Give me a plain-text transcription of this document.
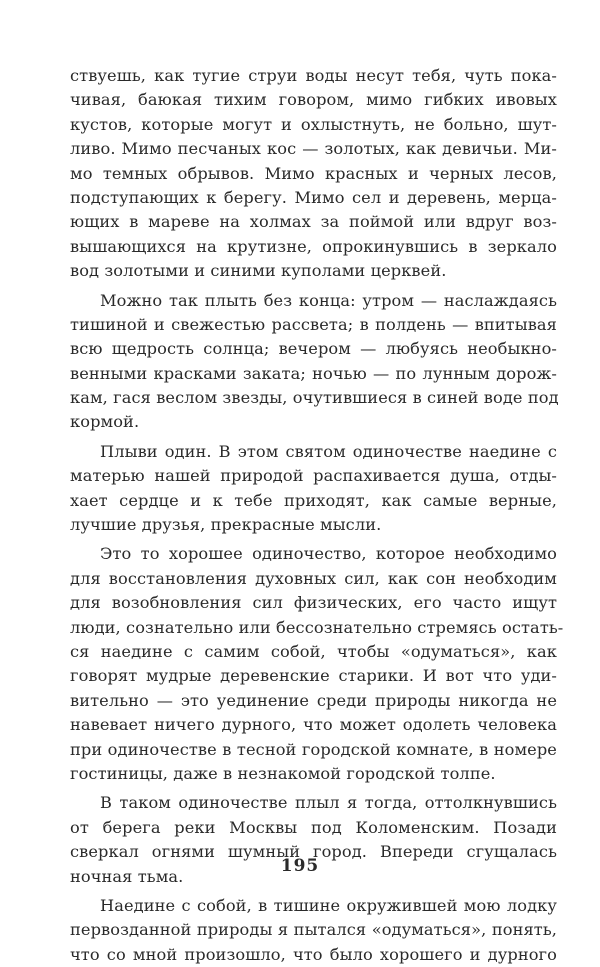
ствуешь, как тугие струи воды несут тебя, чуть пока-
чивая, баюкая тихим говором, мимо гибких ивовых
кустов, которые могут и охлыстнуть, не больно, шут-
ливо. Мимо песчаных кос — золотых, как девичьи. Ми-
мо темных обрывов. Мимо красных и черных лесов,
подступающих к берегу. Мимо сел и деревень, мерца-
ющих в мареве на холмах за поймой или вдруг воз-
вышающихся на крутизне, опрокинувшись в зеркало
вод золотыми и синими куполами церквей.
Можно так плыть без конца: утром — наслаждаясь
тишиной и свежестью рассвета; в полдень — впитывая
всю щедрость солнца; вечером — любуясь необыкно-
венными красками заката; ночью — по лунным дорож-
кам, гася веслом звезды, очутившиеся в синей воде под
кормой.
Плыви один. В этом святом одиночестве наедине с
матерью нашей природой распахивается душа, отды-
хает сердце и к тебе приходят, как самые верные,
лучшие друзья, прекрасные мысли.
Это то хорошее одиночество, которое необходимо
для восстановления духовных сил, как сон необходим
для возобновления сил физических, его часто ищут
люди, сознательно или бессознательно стремясь остать-
ся наедине с самим собой, чтобы «одуматься», как
говорят мудрые деревенские старики. И вот что уди-
вительно — это уединение среди природы никогда не
навевает ничего дурного, что может одолеть человека
при одиночестве в тесной городской комнате, в номере
гостиницы, даже в незнакомой городской толпе.
В таком одиночестве плыл я тогда, оттолкнувшись
от берега реки Москвы под Коломенским. Позади
сверкал огнями шумный город. Впереди сгущалась
ночная тьма.
Наедине с собой, в тишине окружившей мою лодку
первозданной природы я пытался «одуматься», понять,
что со мной произошло, что было хорошего и дурного
195
